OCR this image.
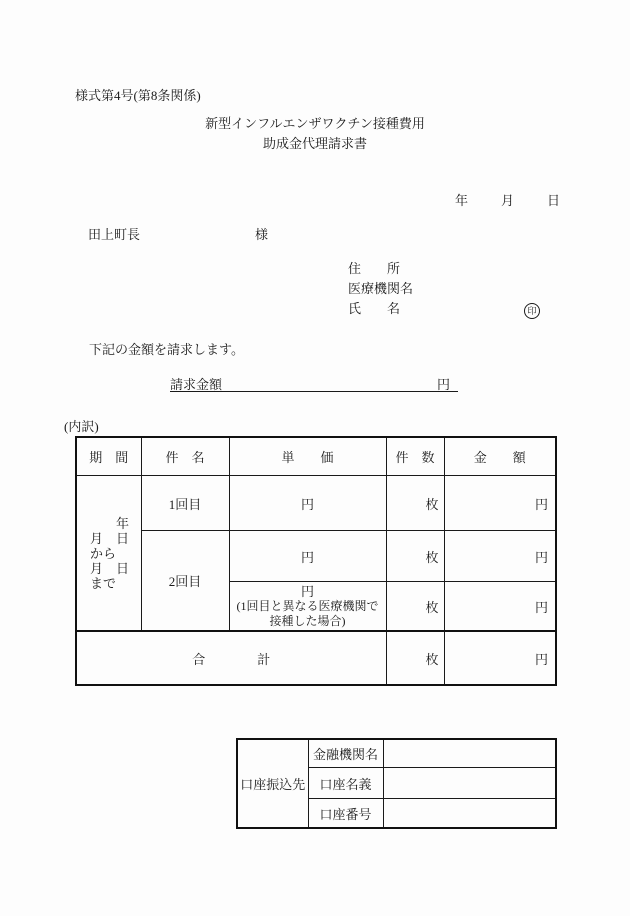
様式第4号(第8条関係)
新型インフルエンザワクチン接種費用
助成金代理請求書
年	月	日
田上町長	様
住　　所
医療機関名
氏　　名	印
下記の金額を請求します。
請求金額	円
(内訳)
期　間	件　名	単　　価	件　数	金　　額

　　年
月　日
から
月　日
まで	1回目	円	枚	円
	2回目	円	枚	円

		円
(1回目と異なる医療機関で
接種した場合)	枚	円
合　　　　計			枚	円
口座振込先	金融機関名	
	口座名義	
	口座番号	
